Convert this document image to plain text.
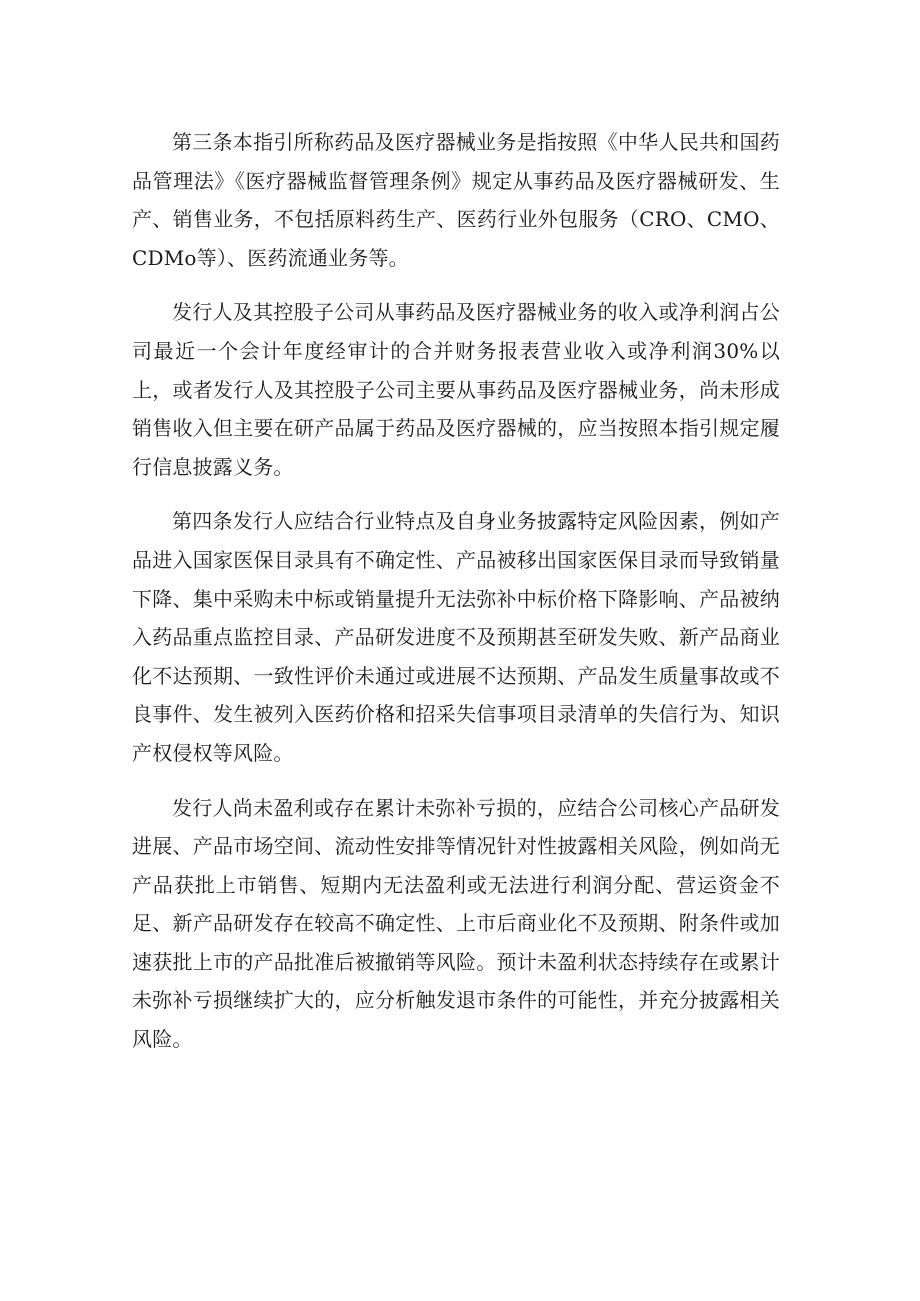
第三条本指引所称药品及医疗器械业务是指按照《中华人民共和国药品管理法》《医疗器械监督管理条例》规定从事药品及医疗器械研发、生产、销售业务，不包括原料药生产、医药行业外包服务（CRO、CMO、CDMo等）、医药流通业务等。

发行人及其控股子公司从事药品及医疗器械业务的收入或净利润占公司最近一个会计年度经审计的合并财务报表营业收入或净利润30%以上，或者发行人及其控股子公司主要从事药品及医疗器械业务，尚未形成销售收入但主要在研产品属于药品及医疗器械的，应当按照本指引规定履行信息披露义务。

第四条发行人应结合行业特点及自身业务披露特定风险因素，例如产品进入国家医保目录具有不确定性、产品被移出国家医保目录而导致销量下降、集中采购未中标或销量提升无法弥补中标价格下降影响、产品被纳入药品重点监控目录、产品研发进度不及预期甚至研发失败、新产品商业化不达预期、一致性评价未通过或进展不达预期、产品发生质量事故或不良事件、发生被列入医药价格和招采失信事项目录清单的失信行为、知识产权侵权等风险。

发行人尚未盈利或存在累计未弥补亏损的，应结合公司核心产品研发进展、产品市场空间、流动性安排等情况针对性披露相关风险，例如尚无产品获批上市销售、短期内无法盈利或无法进行利润分配、营运资金不足、新产品研发存在较高不确定性、上市后商业化不及预期、附条件或加速获批上市的产品批准后被撤销等风险。预计未盈利状态持续存在或累计未弥补亏损继续扩大的，应分析触发退市条件的可能性，并充分披露相关风险。
